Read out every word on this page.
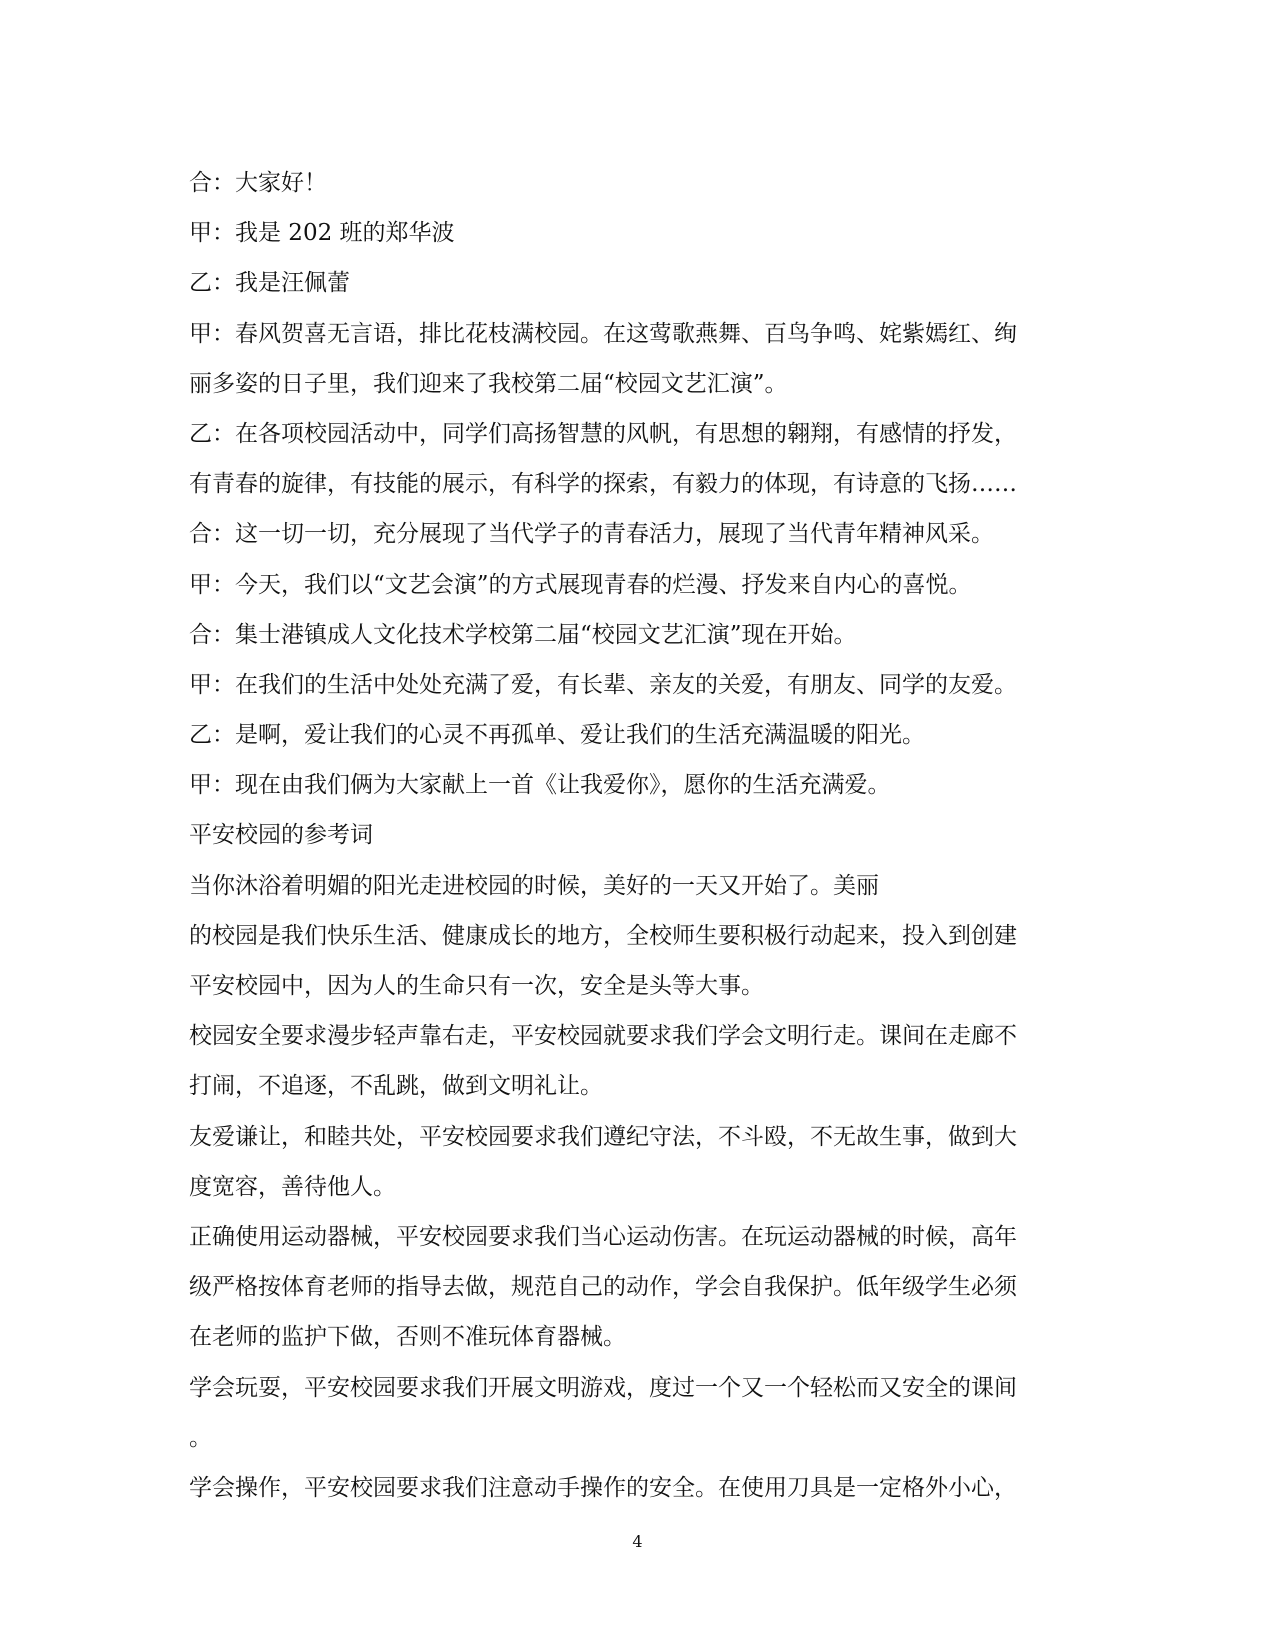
合：大家好！
甲：我是 202 班的郑华波
乙：我是汪佩蕾
甲：春风贺喜无言语，排比花枝满校园。在这莺歌燕舞、百鸟争鸣、姹紫嫣红、绚
丽多姿的日子里，我们迎来了我校第二届“校园文艺汇演”。
乙：在各项校园活动中，同学们高扬智慧的风帆，有思想的翱翔，有感情的抒发，
有青春的旋律，有技能的展示，有科学的探索，有毅力的体现，有诗意的飞扬……
合：这一切一切，充分展现了当代学子的青春活力，展现了当代青年精神风采。
甲：今天，我们以“文艺会演”的方式展现青春的烂漫、抒发来自内心的喜悦。
合：集士港镇成人文化技术学校第二届“校园文艺汇演”现在开始。
甲：在我们的生活中处处充满了爱，有长辈、亲友的关爱，有朋友、同学的友爱。
乙：是啊，爱让我们的心灵不再孤单、爱让我们的生活充满温暖的阳光。
甲：现在由我们俩为大家献上一首《让我爱你》，愿你的生活充满爱。
平安校园的参考词
当你沐浴着明媚的阳光走进校园的时候，美好的一天又开始了。美丽
的校园是我们快乐生活、健康成长的地方，全校师生要积极行动起来，投入到创建
平安校园中，因为人的生命只有一次，安全是头等大事。
校园安全要求漫步轻声靠右走，平安校园就要求我们学会文明行走。课间在走廊不
打闹，不追逐，不乱跳，做到文明礼让。
友爱谦让，和睦共处，平安校园要求我们遵纪守法，不斗殴，不无故生事，做到大
度宽容，善待他人。
正确使用运动器械，平安校园要求我们当心运动伤害。在玩运动器械的时候，高年
级严格按体育老师的指导去做，规范自己的动作，学会自我保护。低年级学生必须
在老师的监护下做，否则不准玩体育器械。
学会玩耍，平安校园要求我们开展文明游戏，度过一个又一个轻松而又安全的课间
。
学会操作，平安校园要求我们注意动手操作的安全。在使用刀具是一定格外小心，
4
